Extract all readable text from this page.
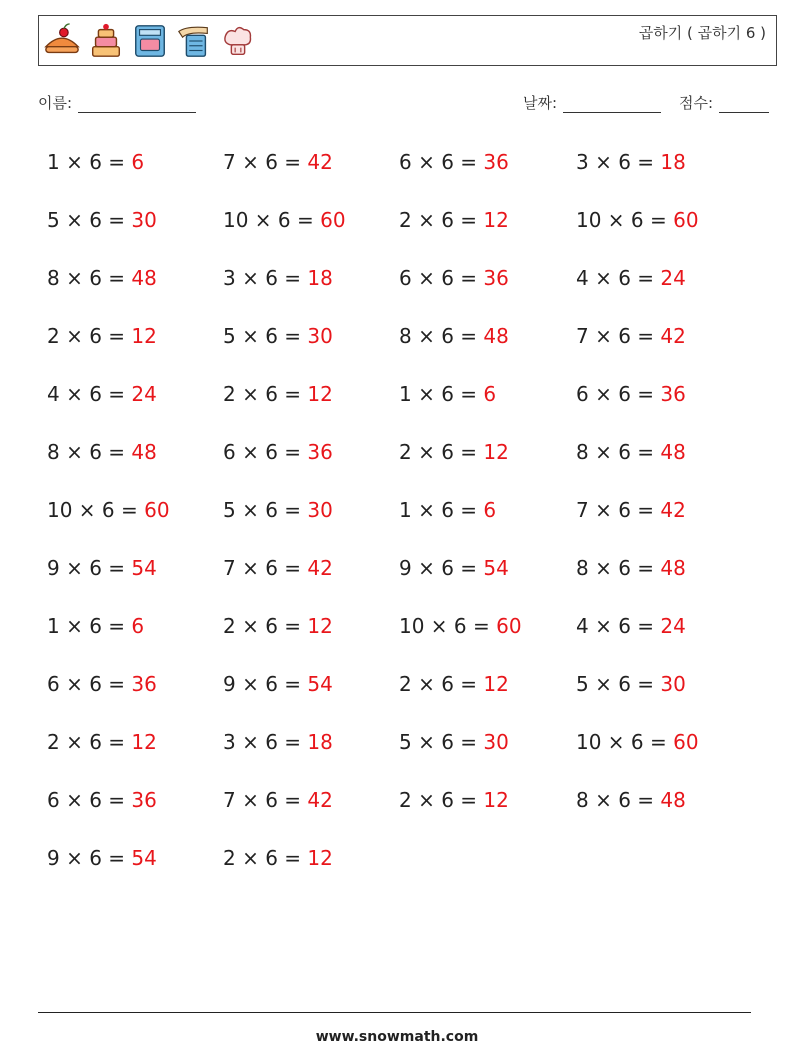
곱하기 ( 곱하기 6 )
이름:	날짜:	점수:
1 × 6 = 6	7 × 6 = 42	6 × 6 = 36	3 × 6 = 18
5 × 6 = 30	10 × 6 = 60	2 × 6 = 12	10 × 6 = 60
8 × 6 = 48	3 × 6 = 18	6 × 6 = 36	4 × 6 = 24
2 × 6 = 12	5 × 6 = 30	8 × 6 = 48	7 × 6 = 42
4 × 6 = 24	2 × 6 = 12	1 × 6 = 6	6 × 6 = 36
8 × 6 = 48	6 × 6 = 36	2 × 6 = 12	8 × 6 = 48
10 × 6 = 60	5 × 6 = 30	1 × 6 = 6	7 × 6 = 42
9 × 6 = 54	7 × 6 = 42	9 × 6 = 54	8 × 6 = 48
1 × 6 = 6	2 × 6 = 12	10 × 6 = 60	4 × 6 = 24
6 × 6 = 36	9 × 6 = 54	2 × 6 = 12	5 × 6 = 30
2 × 6 = 12	3 × 6 = 18	5 × 6 = 30	10 × 6 = 60
6 × 6 = 36	7 × 6 = 42	2 × 6 = 12	8 × 6 = 48
9 × 6 = 54	2 × 6 = 12
www.snowmath.com
